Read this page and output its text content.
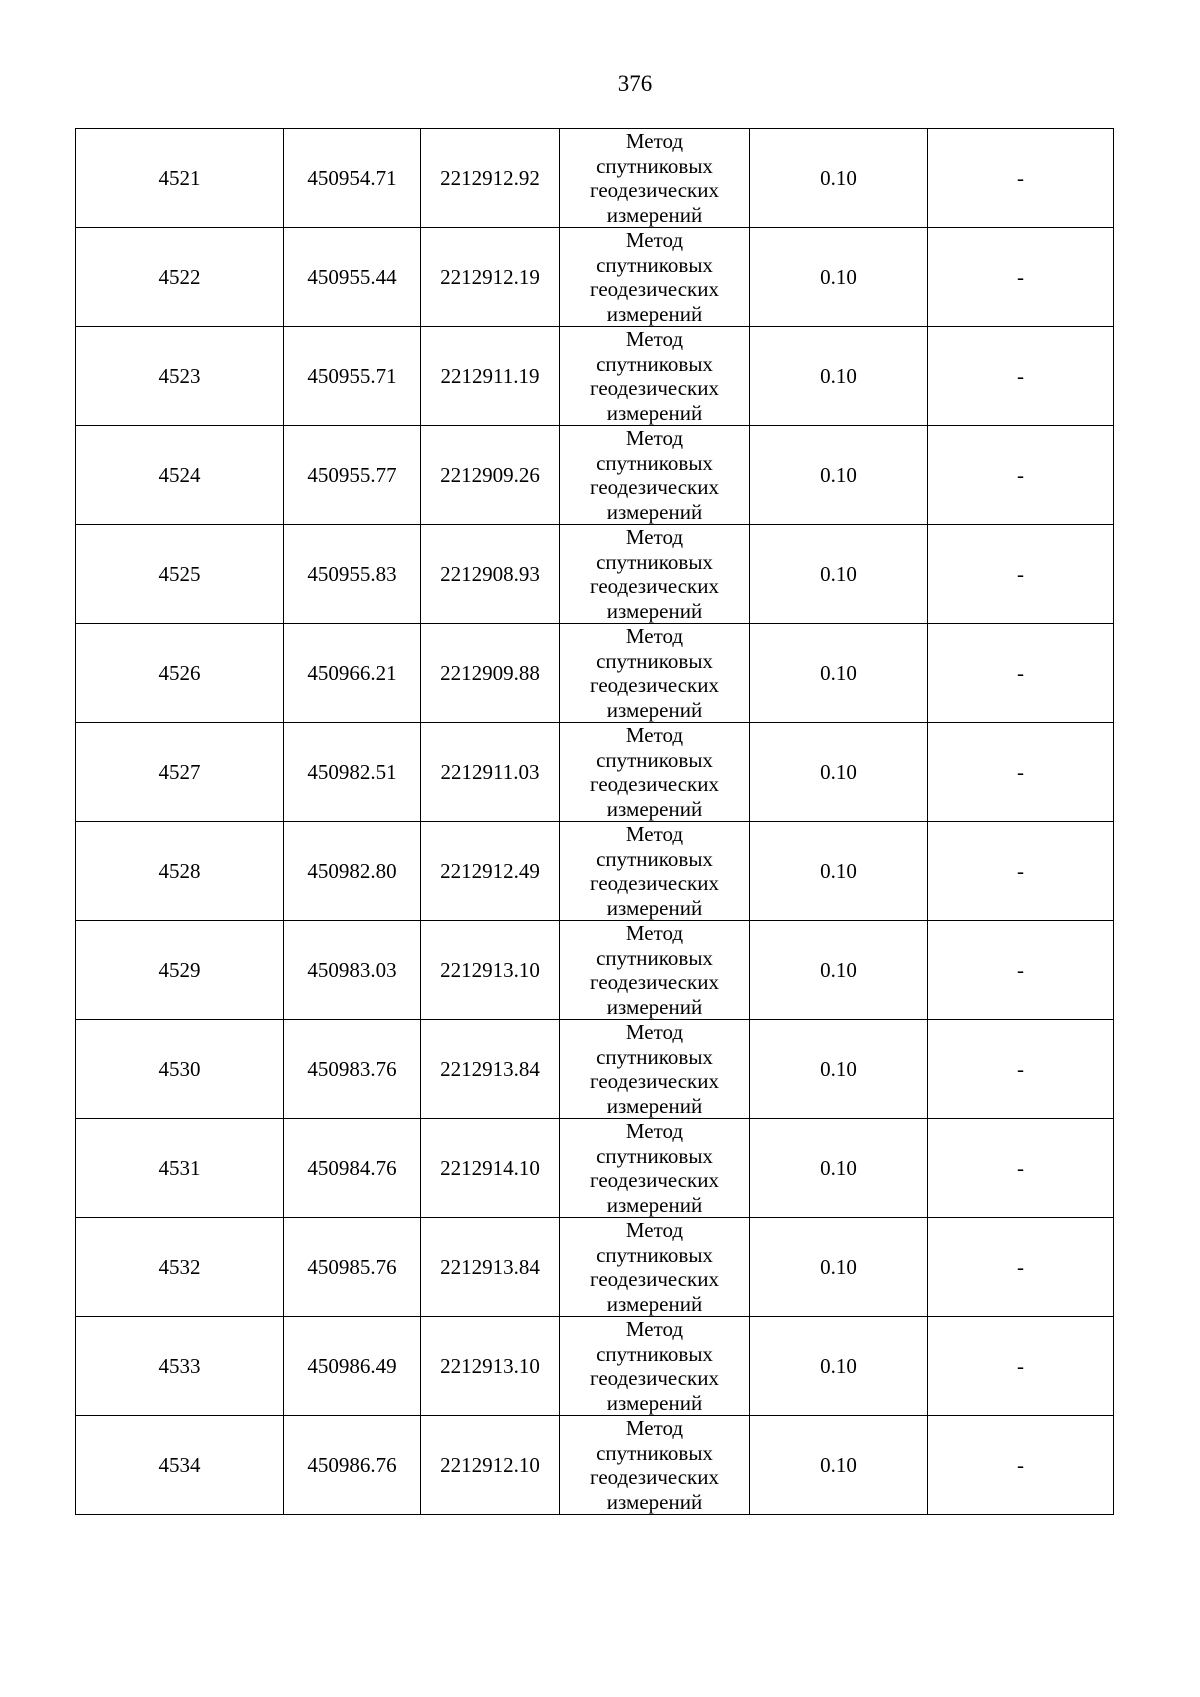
376
4521	450954.71	2212912.92	Метод
спутниковых
геодезических
измерений	0.10	-
4522	450955.44	2212912.19	Метод
спутниковых
геодезических
измерений	0.10	-
4523	450955.71	2212911.19	Метод
спутниковых
геодезических
измерений	0.10	-
4524	450955.77	2212909.26	Метод
спутниковых
геодезических
измерений	0.10	-
4525	450955.83	2212908.93	Метод
спутниковых
геодезических
измерений	0.10	-
4526	450966.21	2212909.88	Метод
спутниковых
геодезических
измерений	0.10	-
4527	450982.51	2212911.03	Метод
спутниковых
геодезических
измерений	0.10	-
4528	450982.80	2212912.49	Метод
спутниковых
геодезических
измерений	0.10	-
4529	450983.03	2212913.10	Метод
спутниковых
геодезических
измерений	0.10	-
4530	450983.76	2212913.84	Метод
спутниковых
геодезических
измерений	0.10	-
4531	450984.76	2212914.10	Метод
спутниковых
геодезических
измерений	0.10	-
4532	450985.76	2212913.84	Метод
спутниковых
геодезических
измерений	0.10	-
4533	450986.49	2212913.10	Метод
спутниковых
геодезических
измерений	0.10	-
4534	450986.76	2212912.10	Метод
спутниковых
геодезических
измерений	0.10	-
